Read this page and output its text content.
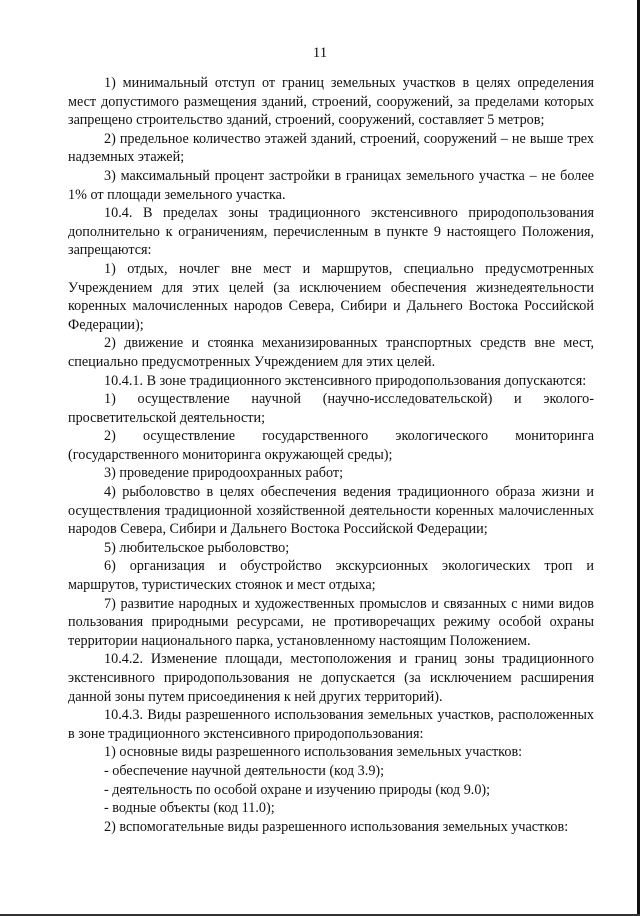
11

1) минимальный отступ от границ земельных участков в целях определения мест допустимого размещения зданий, строений, сооружений, за пределами которых запрещено строительство зданий, строений, сооружений, составляет 5 метров;

2) предельное количество этажей зданий, строений, сооружений – не выше трех надземных этажей;

3) максимальный процент застройки в границах земельного участка – не более 1% от площади земельного участка.

10.4. В пределах зоны традиционного экстенсивного природопользования дополнительно к ограничениям, перечисленным в пункте 9 настоящего Положения, запрещаются:

1) отдых, ночлег вне мест и маршрутов, специально предусмотренных Учреждением для этих целей (за исключением обеспечения жизнедеятельности коренных малочисленных народов Севера, Сибири и Дальнего Востока Российской Федерации);

2) движение и стоянка механизированных транспортных средств вне мест, специально предусмотренных Учреждением для этих целей.

10.4.1. В зоне традиционного экстенсивного природопользования допускаются:

1) осуществление научной (научно-исследовательской) и эколого-просветительской деятельности;

2) осуществление государственного экологического мониторинга (государственного мониторинга окружающей среды);

3) проведение природоохранных работ;

4) рыболовство в целях обеспечения ведения традиционного образа жизни и осуществления традиционной хозяйственной деятельности коренных малочисленных народов Севера, Сибири и Дальнего Востока Российской Федерации;

5) любительское рыболовство;

6) организация и обустройство экскурсионных экологических троп и маршрутов, туристических стоянок и мест отдыха;

7) развитие народных и художественных промыслов и связанных с ними видов пользования природными ресурсами, не противоречащих режиму особой охраны территории национального парка, установленному настоящим Положением.

10.4.2. Изменение площади, местоположения и границ зоны традиционного экстенсивного природопользования не допускается (за исключением расширения данной зоны путем присоединения к ней других территорий).

10.4.3. Виды разрешенного использования земельных участков, расположенных в зоне традиционного экстенсивного природопользования:

1) основные виды разрешенного использования земельных участков:

- обеспечение научной деятельности (код 3.9);

- деятельность по особой охране и изучению природы (код 9.0);

- водные объекты (код 11.0);

2) вспомогательные виды разрешенного использования земельных участков:
